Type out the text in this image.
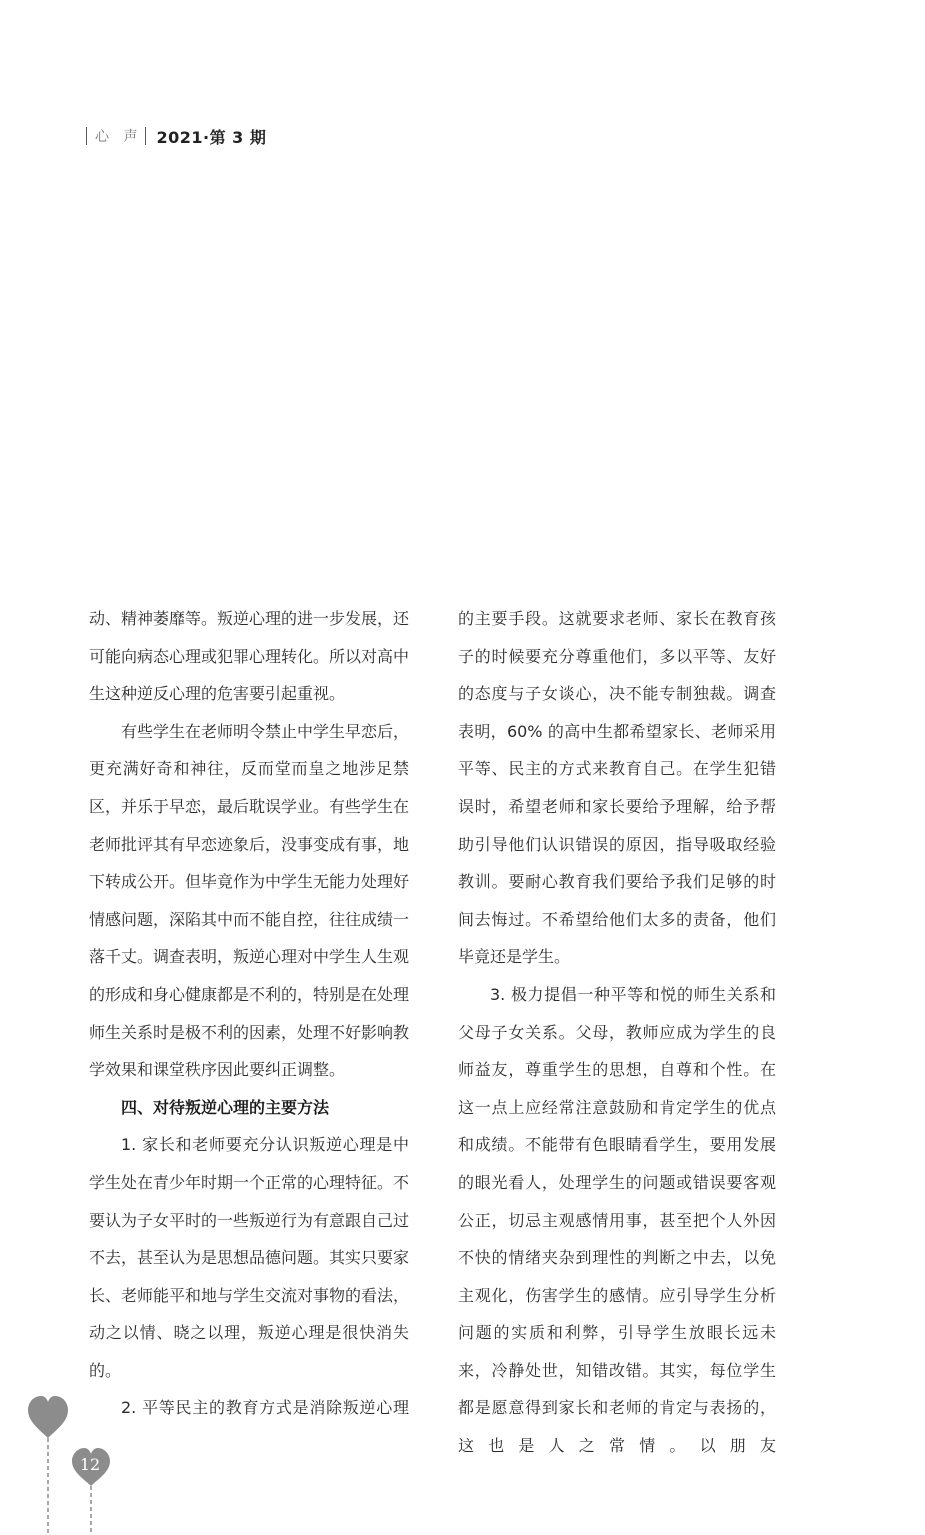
心 声 2021·第 3 期

动、精神萎靡等。叛逆心理的进一步发展，还可能向病态心理或犯罪心理转化。所以对高中生这种逆反心理的危害要引起重视。

有些学生在老师明令禁止中学生早恋后，更充满好奇和神往，反而堂而皇之地涉足禁区，并乐于早恋，最后耽误学业。有些学生在老师批评其有早恋迹象后，没事变成有事，地下转成公开。但毕竟作为中学生无能力处理好情感问题，深陷其中而不能自控，往往成绩一落千丈。调查表明，叛逆心理对中学生人生观的形成和身心健康都是不利的，特别是在处理师生关系时是极不利的因素，处理不好影响教学效果和课堂秩序因此要纠正调整。

四、对待叛逆心理的主要方法

1. 家长和老师要充分认识叛逆心理是中学生处在青少年时期一个正常的心理特征。不要认为子女平时的一些叛逆行为有意跟自己过不去，甚至认为是思想品德问题。其实只要家长、老师能平和地与学生交流对事物的看法，动之以情、晓之以理，叛逆心理是很快消失的。

2. 平等民主的教育方式是消除叛逆心理

的主要手段。这就要求老师、家长在教育孩子的时候要充分尊重他们，多以平等、友好的态度与子女谈心，决不能专制独裁。调查表明，60% 的高中生都希望家长、老师采用平等、民主的方式来教育自己。在学生犯错误时，希望老师和家长要给予理解，给予帮助引导他们认识错误的原因，指导吸取经验教训。要耐心教育我们要给予我们足够的时间去悔过。不希望给他们太多的责备，他们毕竟还是学生。

3. 极力提倡一种平等和悦的师生关系和父母子女关系。父母，教师应成为学生的良师益友，尊重学生的思想，自尊和个性。在这一点上应经常注意鼓励和肯定学生的优点和成绩。不能带有色眼睛看学生，要用发展的眼光看人，处理学生的问题或错误要客观公正，切忌主观感情用事，甚至把个人外因不快的情绪夹杂到理性的判断之中去，以免主观化，伤害学生的感情。应引导学生分析问题的实质和利弊，引导学生放眼长远未来，冷静处世，知错改错。其实，每位学生都是愿意得到家长和老师的肯定与表扬的，这也是人之常情。以朋友

12
